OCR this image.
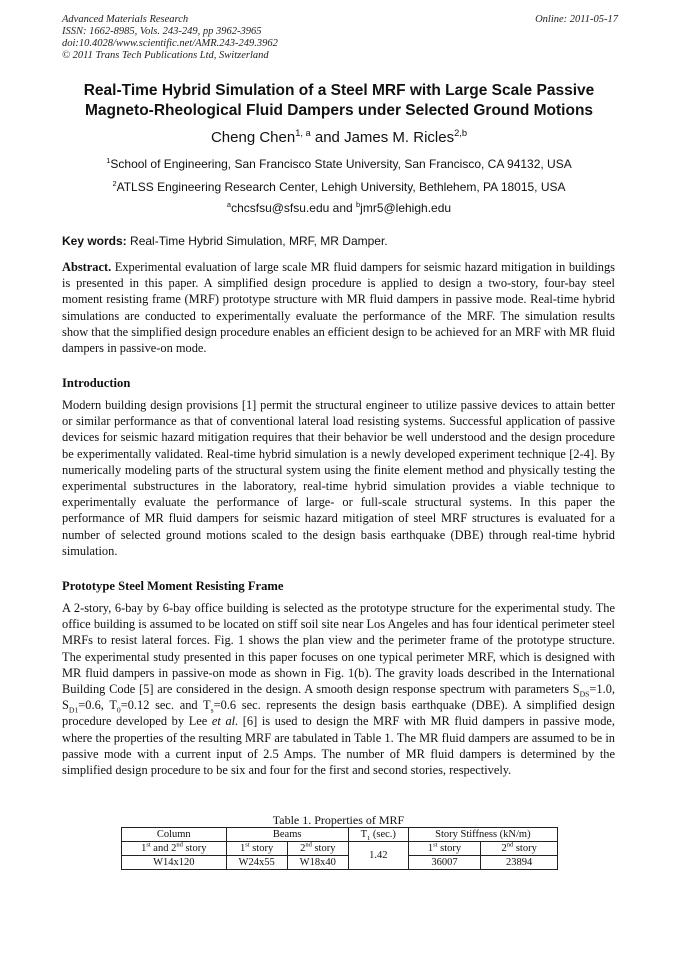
Advanced Materials Research
ISSN: 1662-8985, Vols. 243-249, pp 3962-3965
doi:10.4028/www.scientific.net/AMR.243-249.3962
© 2011 Trans Tech Publications Ltd, Switzerland
Online: 2011-05-17
Real-Time Hybrid Simulation of a Steel MRF with Large Scale Passive
Magneto-Rheological Fluid Dampers under Selected Ground Motions
Cheng Chen$^{1, a}$ and James M. Ricles$^{2,b}$
$^1$School of Engineering, San Francisco State University, San Francisco, CA 94132, USA
$^2$ATLSS Engineering Research Center, Lehigh University, Bethlehem, PA 18015, USA
$^a$chcsfsu@sfsu.edu and $^b$jmr5@lehigh.edu
Key words: Real-Time Hybrid Simulation, MRF, MR Damper.
Abstract. Experimental evaluation of large scale MR fluid dampers for seismic hazard mitigation in buildings is presented in this paper. A simplified design procedure is applied to design a two-story, four-bay steel moment resisting frame (MRF) prototype structure with MR fluid dampers in passive mode. Real-time hybrid simulations are conducted to experimentally evaluate the performance of the MRF. The simulation results show that the simplified design procedure enables an efficient design to be achieved for an MRF with MR fluid dampers in passive-on mode.
Introduction
Modern building design provisions [1] permit the structural engineer to utilize passive devices to attain better or similar performance as that of conventional lateral load resisting systems. Successful application of passive devices for seismic hazard mitigation requires that their behavior be well understood and the design procedure be experimentally validated. Real-time hybrid simulation is a newly developed experiment technique [2-4]. By numerically modeling parts of the structural system using the finite element method and physically testing the experimental substructures in the laboratory, real-time hybrid simulation provides a viable technique to experimentally evaluate the performance of large- or full-scale structural systems. In this paper the performance of MR fluid dampers for seismic hazard mitigation of steel MRF structures is evaluated for a number of selected ground motions scaled to the design basis earthquake (DBE) through real-time hybrid simulation.
Prototype Steel Moment Resisting Frame
A 2-story, 6-bay by 6-bay office building is selected as the prototype structure for the experimental study. The office building is assumed to be located on stiff soil site near Los Angeles and has four identical perimeter steel MRFs to resist lateral forces. Fig. 1 shows the plan view and the perimeter frame of the prototype structure. The experimental study presented in this paper focuses on one typical perimeter MRF, which is designed with MR fluid dampers in passive-on mode as shown in Fig. 1(b). The gravity loads described in the International Building Code [5] are considered in the design. A smooth design response spectrum with parameters $S_{DS}=1.0$, $S_{D1}=0.6$, $T_0=0.12$ sec. and $T_s=0.6$ sec. represents the design basis earthquake (DBE). A simplified design procedure developed by Lee et al. [6] is used to design the MRF with MR fluid dampers in passive mode, where the properties of the resulting MRF are tabulated in Table 1. The MR fluid dampers are assumed to be in passive mode with a current input of 2.5 Amps. The number of MR fluid dampers is determined by the simplified design procedure to be six and four for the first and second stories, respectively.
Table 1. Properties of MRF
Column	Beams		$T_1$ (sec.)	Story Stiffness (kN/m)	
1st and 2nd story	1st story	2nd story	1.42	1st story	2nd story
W14x120	W24x55	W18x40		36007	23894
